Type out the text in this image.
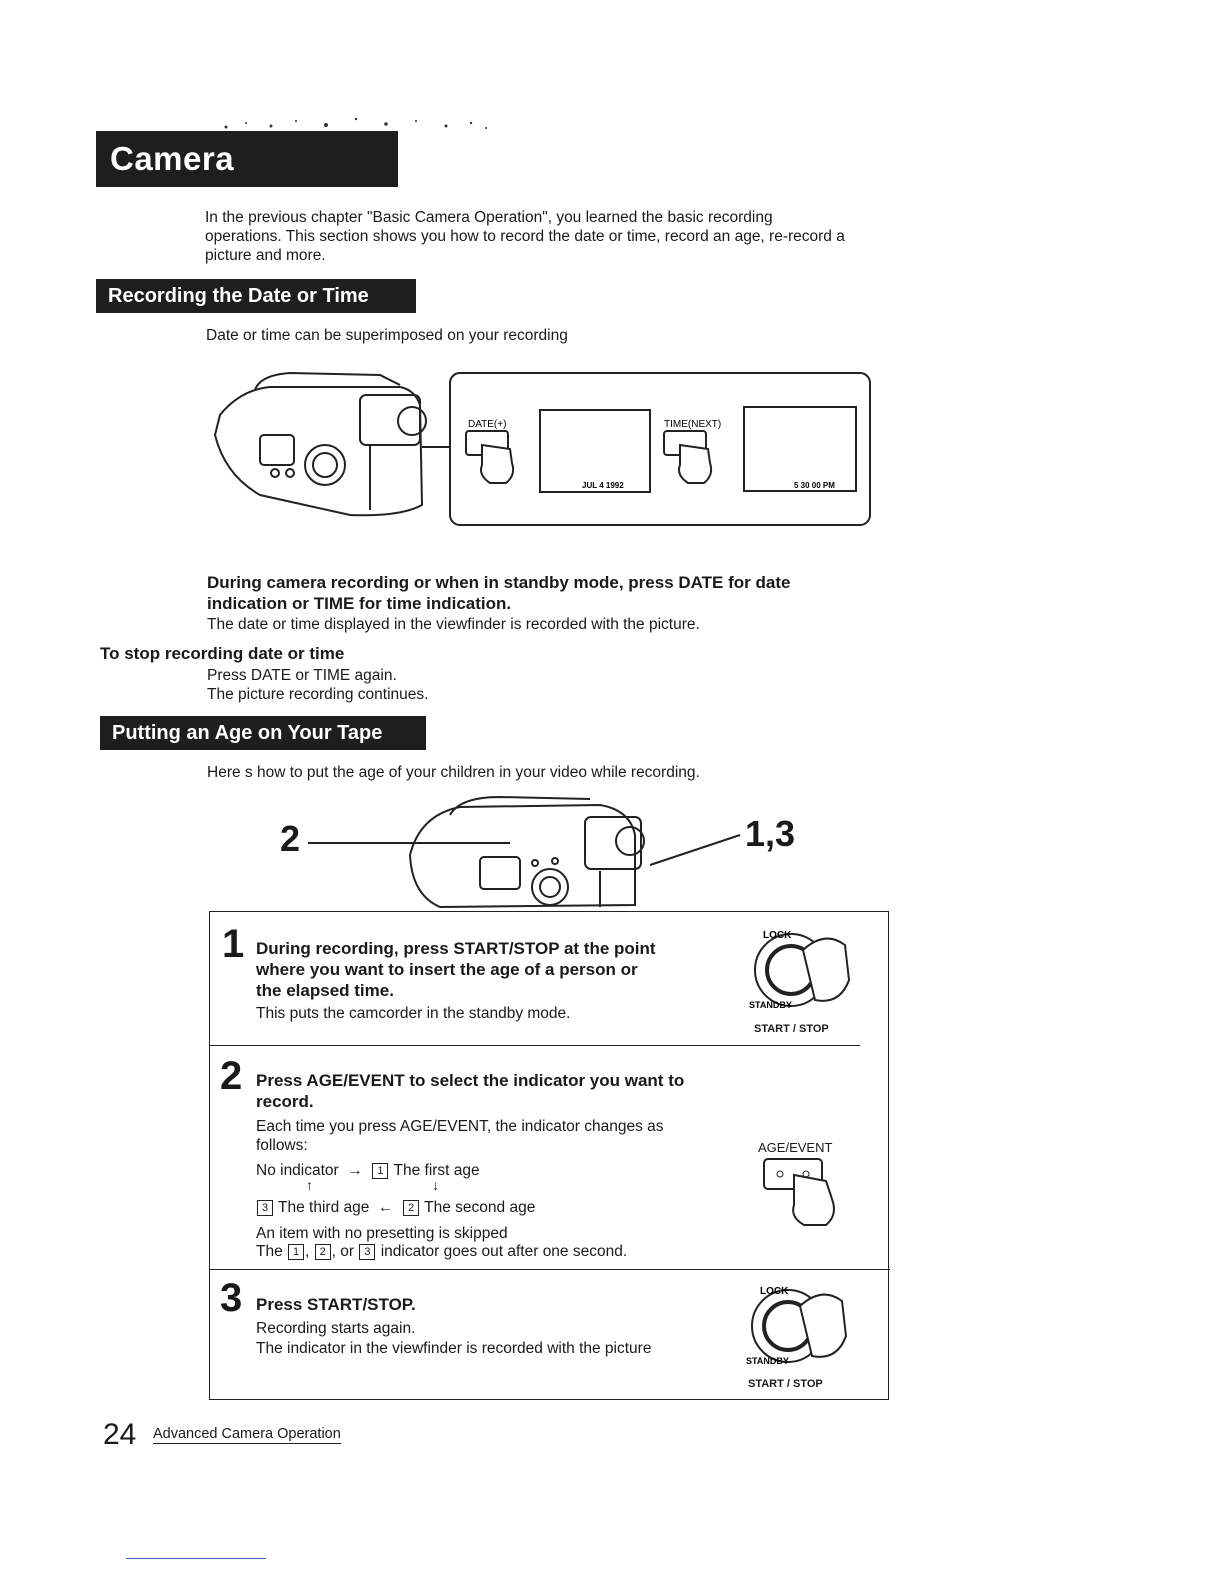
Camera Recording
In the previous chapter "Basic Camera Operation", you learned the basic recording operations. This section shows you how to record the date or time, record an age, re-record a picture and more.
Recording the Date or Time
Date or time can be superimposed on your recording
DATE(+)
JUL 4 1992
TIME(NEXT)
5 30 00 PM
During camera recording or when in standby mode, press DATE for date indication or TIME for time indication.
The date or time displayed in the viewfinder is recorded with the picture.
To stop recording date or time
Press DATE or TIME again.
The picture recording continues.
Putting an Age on Your Tape
Here s how to put the age of your children in your video while recording.
2	1,3
1 During recording, press START/STOP at the point where you want to insert the age of a person or the elapsed time.
This puts the camcorder in the standby mode.
LOCK
STANDBY
START / STOP
2 Press AGE/EVENT to select the indicator you want to record.
Each time you press AGE/EVENT, the indicator changes as follows:
No indicator  →  1 The first age
↑	↓
3 The third age  ←  2 The second age
An item with no presetting is skipped
The 1 , 2 , or 3 indicator goes out after one second.
AGE/EVENT
3 Press START/STOP.
Recording starts again.
The indicator in the viewfinder is recorded with the picture
LOCK
STANDBY
START / STOP
24 Advanced Camera Operation
